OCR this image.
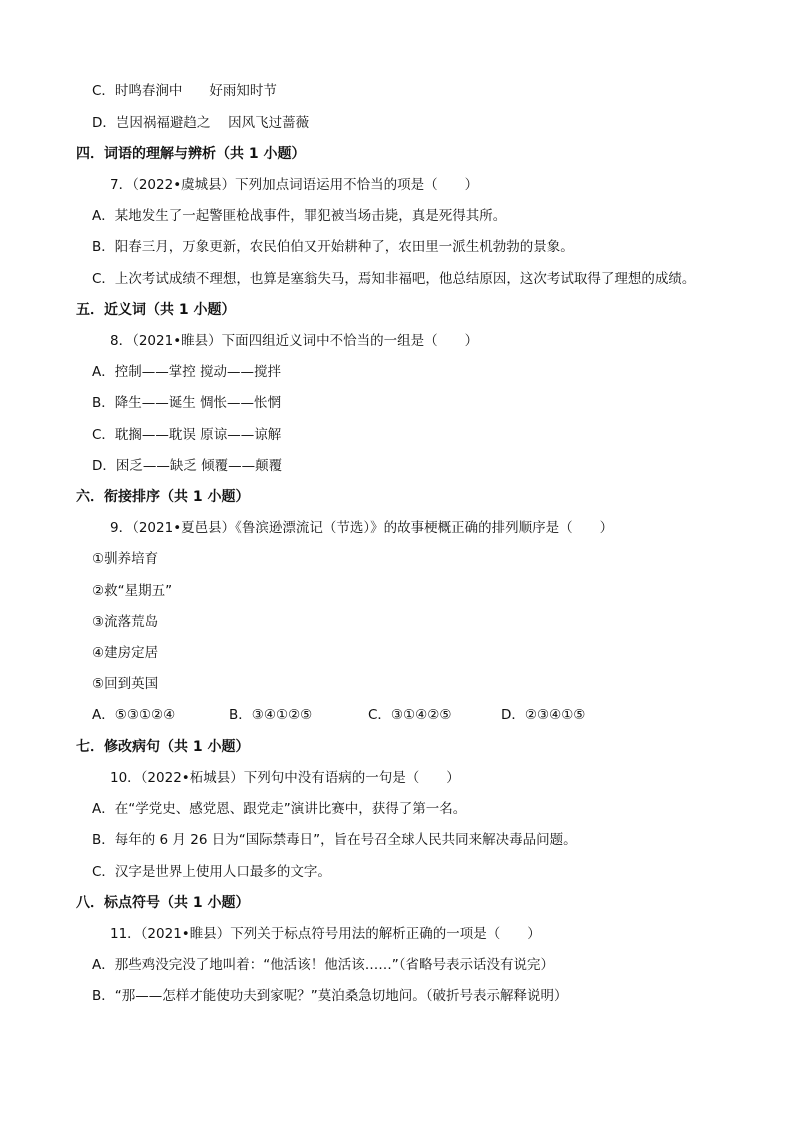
C．时鸣春涧中　　好雨知时节
D．岂因祸福避趋之　 因风飞过蔷薇
四．词语的理解与辨析（共 1 小题）
7．（2022•虞城县）下列加点词语运用不恰当的项是（　　）
A．某地发生了一起警匪枪战事件，罪犯被当场击毙，真是死得其所。
B．阳春三月，万象更新，农民伯伯又开始耕种了，农田里一派生机勃勃的景象。
C．上次考试成绩不理想，也算是塞翁失马，焉知非福吧，他总结原因，这次考试取得了理想的成绩。
五．近义词（共 1 小题）
8．（2021•睢县）下面四组近义词中不恰当的一组是（　　）
A．控制——掌控 搅动——搅拌
B．降生——诞生 惆怅——怅惘
C．耽搁——耽误 原谅——谅解
D．困乏——缺乏 倾覆——颠覆
六．衔接排序（共 1 小题）
9．（2021•夏邑县）《鲁滨逊漂流记（节选）》的故事梗概正确的排列顺序是（　　）
①驯养培育
②救“星期五”
③流落荒岛
④建房定居
⑤回到英国
A．⑤③①②④	B．③④①②⑤	C．③①④②⑤	D．②③④①⑤
七．修改病句（共 1 小题）
10．（2022•柘城县）下列句中没有语病的一句是（　　）
A．在“学党史、感党恩、跟党走”演讲比赛中，获得了第一名。
B．每年的 6 月 26 日为“国际禁毒日”，旨在号召全球人民共同来解决毒品问题。
C．汉字是世界上使用人口最多的文字。
八．标点符号（共 1 小题）
11．（2021•睢县）下列关于标点符号用法的解析正确的一项是（　　）
A．那些鸡没完没了地叫着：“他活该！他活该……”（省略号表示话没有说完）
B．“那——怎样才能使功夫到家呢？”莫泊桑急切地问。（破折号表示解释说明）
